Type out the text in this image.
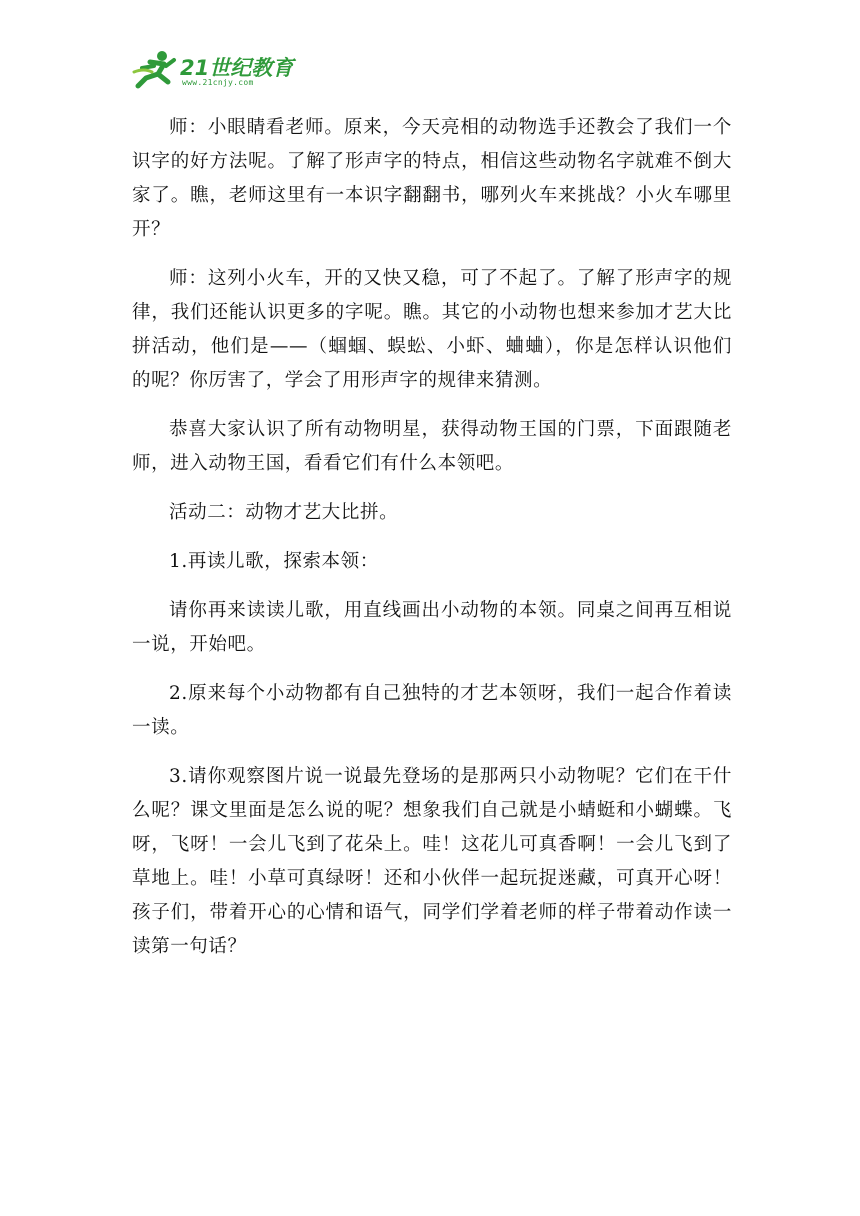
21世纪教育
www.21cnjy.com

师：小眼睛看老师。原来，今天亮相的动物选手还教会了我们一个识字的好方法呢。了解了形声字的特点，相信这些动物名字就难不倒大家了。瞧，老师这里有一本识字翻翻书，哪列火车来挑战？小火车哪里开？

师：这列小火车，开的又快又稳，可了不起了。了解了形声字的规律，我们还能认识更多的字呢。瞧。其它的小动物也想来参加才艺大比拼活动，他们是——（蝈蝈、蜈蚣、小虾、蛐蛐），你是怎样认识他们的呢？你厉害了，学会了用形声字的规律来猜测。

恭喜大家认识了所有动物明星，获得动物王国的门票，下面跟随老师，进入动物王国，看看它们有什么本领吧。

活动二：动物才艺大比拼。

1.再读儿歌，探索本领：

请你再来读读儿歌，用直线画出小动物的本领。同桌之间再互相说一说，开始吧。

2.原来每个小动物都有自己独特的才艺本领呀，我们一起合作着读一读。

3.请你观察图片说一说最先登场的是那两只小动物呢？它们在干什么呢？课文里面是怎么说的呢？想象我们自己就是小蜻蜓和小蝴蝶。飞呀，飞呀！一会儿飞到了花朵上。哇！这花儿可真香啊！一会儿飞到了草地上。哇！小草可真绿呀！还和小伙伴一起玩捉迷藏，可真开心呀！孩子们，带着开心的心情和语气，同学们学着老师的样子带着动作读一读第一句话？
